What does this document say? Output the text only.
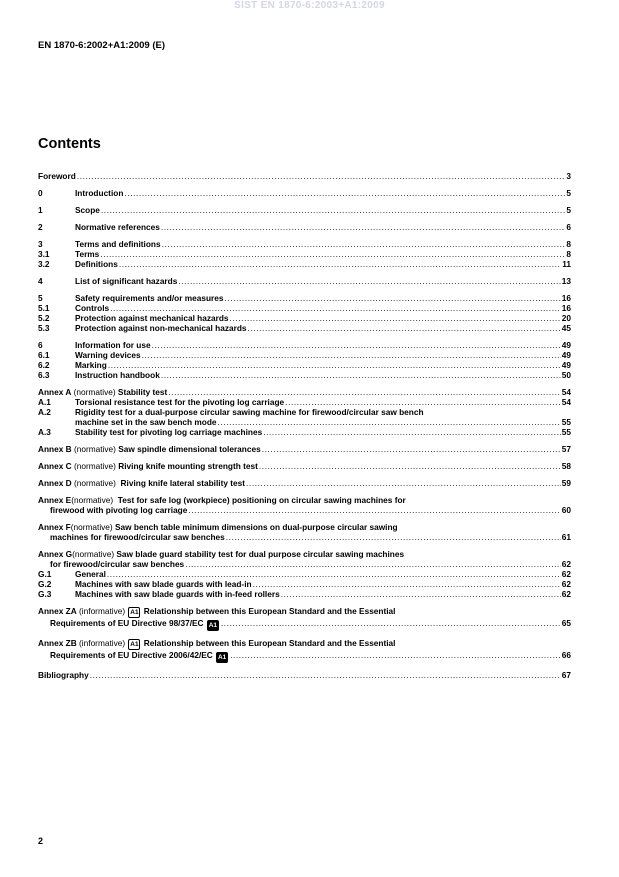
SIST EN 1870-6:2003+A1:2009
EN 1870-6:2002+A1:2009 (E)
Contents
Foreword .....	3
0	Introduction .....	5
1	Scope .....	5
2	Normative references .....	6
3	Terms and definitions .....	8
3.1	Terms .....	8
3.2	Definitions .....	11
4	List of significant hazards .....	13
5	Safety requirements and/or measures .....	16
5.1	Controls .....	16
5.2	Protection against mechanical hazards .....	20
5.3	Protection against non-mechanical hazards .....	45
6	Information for use .....	49
6.1	Warning devices .....	49
6.2	Marking .....	49
6.3	Instruction handbook .....	50
Annex A (normative) Stability test .....	54
A.1	Torsional resistance test for the pivoting log carriage .....	54
A.2	Rigidity test for a dual-purpose circular sawing machine for firewood/circular saw bench
machine set in the saw bench mode .....	55
A.3	Stability test for pivoting log carriage machines .....	55
Annex B (normative) Saw spindle dimensional tolerances .....	57
Annex C (normative) Riving knife mounting strength test .....	58
Annex D (normative)  Riving knife lateral stability test .....	59
Annex E (normative) Test for safe log (workpiece) positioning on circular sawing machines for
firewood with pivoting log carriage .....	60
Annex F (normative) Saw bench table minimum dimensions on dual-purpose circular sawing
machines for firewood/circular saw benches .....	61
Annex G (normative) Saw blade guard stability test for dual purpose circular sawing machines
for firewood/circular saw benches .....	62
G.1	General .....	62
G.2	Machines with saw blade guards with lead-in .....	62
G.3	Machines with saw blade guards with in-feed rollers .....	62
Annex ZA (informative) A1 Relationship between this European Standard and the Essential
Requirements of EU Directive 98/37/EC A1 .....	65
Annex ZB (informative) A1 Relationship between this European Standard and the Essential
Requirements of EU Directive 2006/42/EC A1 .....	66
Bibliography .....	67
2
